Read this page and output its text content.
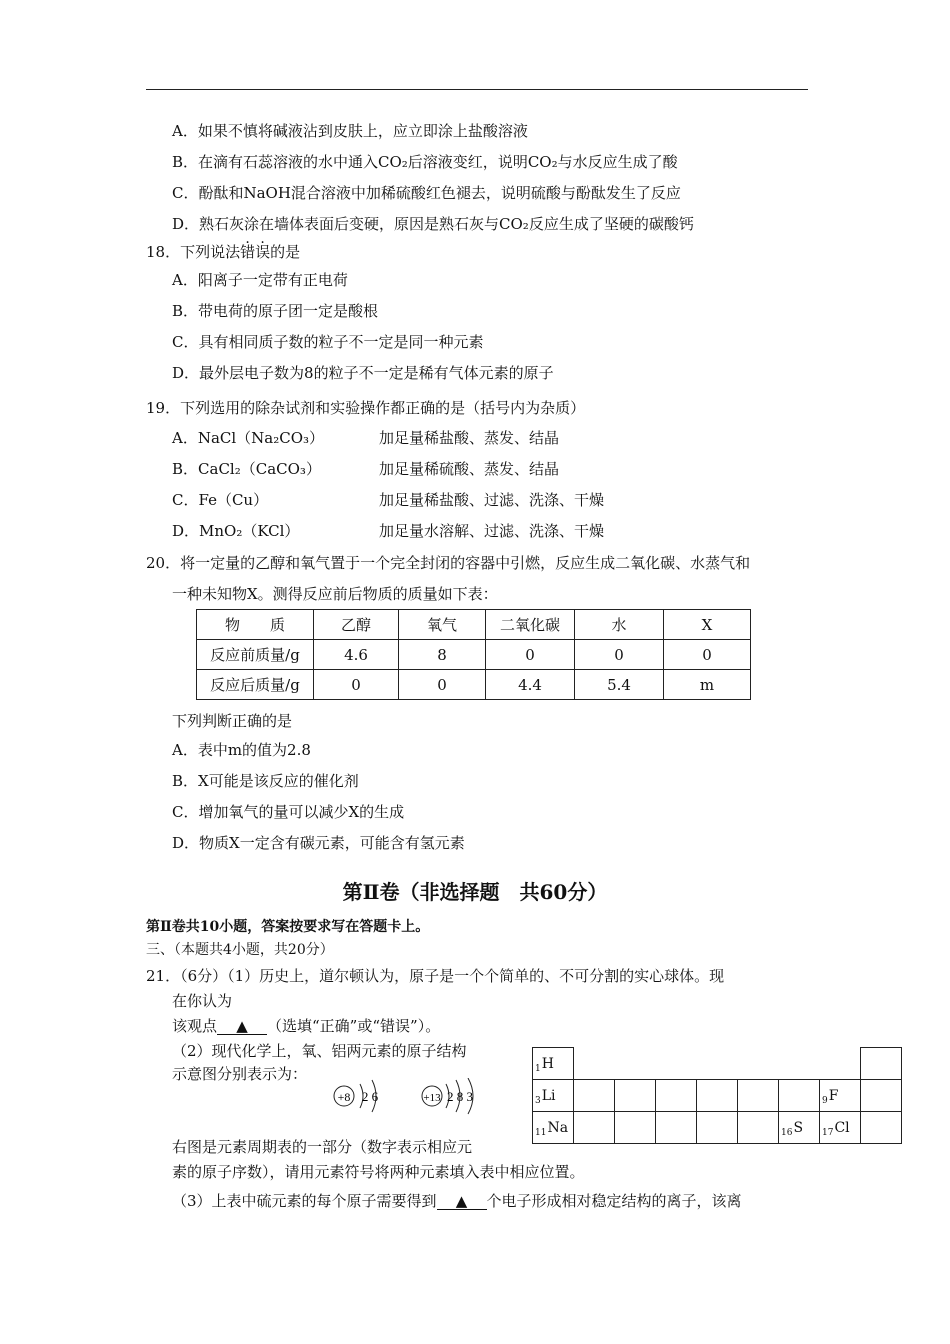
A．如果不慎将碱液沾到皮肤上，应立即涂上盐酸溶液
B．在滴有石蕊溶液的水中通入CO₂后溶液变红，说明CO₂与水反应生成了酸
C．酚酞和NaOH混合溶液中加稀硫酸红色褪去，说明硫酸与酚酞发生了反应
D．熟石灰涂在墙体表面后变硬，原因是熟石灰与CO₂反应生成了坚硬的碳酸钙
18．下列说法错误的是
A．阳离子一定带有正电荷
B．带电荷的原子团一定是酸根
C．具有相同质子数的粒子不一定是同一种元素
D．最外层电子数为8的粒子不一定是稀有气体元素的原子
19．下列选用的除杂试剂和实验操作都正确的是（括号内为杂质）
A．NaCl（Na₂CO₃）	加足量稀盐酸、蒸发、结晶
B．CaCl₂（CaCO₃）	加足量稀硫酸、蒸发、结晶
C．Fe（Cu）	加足量稀盐酸、过滤、洗涤、干燥
D．MnO₂（KCl）	加足量水溶解、过滤、洗涤、干燥
20．将一定量的乙醇和氧气置于一个完全封闭的容器中引燃，反应生成二氧化碳、水蒸气和
一种未知物X。测得反应前后物质的质量如下表：
物　　质	乙醇	氧气	二氧化碳	水	X
反应前质量/g	4.6	8	0	0	0
反应后质量/g	0	0	4.4	5.4	m
下列判断正确的是
A．表中m的值为2.8
B．X可能是该反应的催化剂
C．增加氧气的量可以减少X的生成
D．物质X一定含有碳元素，可能含有氢元素
第Ⅱ卷（非选择题　共60分）
第Ⅱ卷共10小题，答案按要求写在答题卡上。
三、（本题共4小题，共20分）
21．（6分）（1）历史上，道尔顿认为，原子是一个个简单的、不可分割的实心球体。现
在你认为
该观点 ▲ （选填“正确”或“错误”）。
（2）现代化学上，氧、铝两元素的原子结构
示意图分别表示为：
+8 2 6	+13 2 8 3
右图是元素周期表的一部分（数字表示相应元
素的原子序数），请用元素符号将两种元素填入表中相应位置。
（3）上表中硫元素的每个原子需要得到 ▲ 个电子形成相对稳定结构的离子，该离
$_1$H								
$_3$Li							$_9$F	
$_{11}$Na						$_{16}$S	$_{17}$Cl	
